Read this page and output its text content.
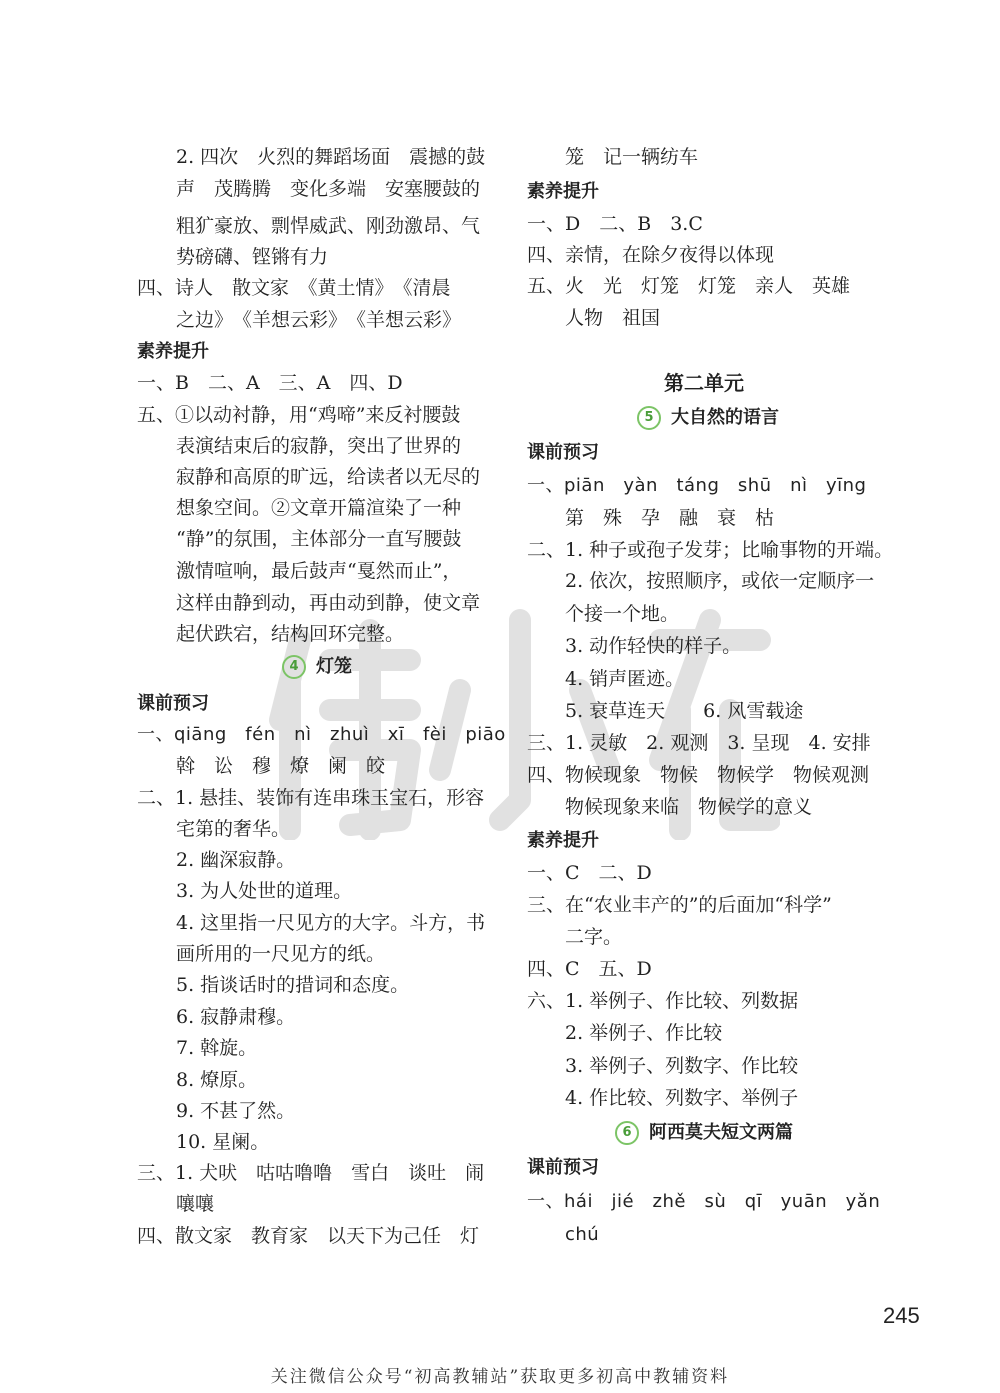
2. 四次　火烈的舞蹈场面　震撼的鼓
声　茂腾腾　变化多端　安塞腰鼓的
粗犷豪放、剽悍威武、刚劲激昂、气
势磅礴、铿锵有力
四、诗人　散文家　《黄土情》　《清晨
之边》　《羊想云彩》　《羊想云彩》
素养提升
一、B　二、A　三、A　四、D
五、①以动衬静，用“鸡啼”来反衬腰鼓
表演结束后的寂静，突出了世界的
寂静和高原的旷远，给读者以无尽的
想象空间。②文章开篇渲染了一种
“静”的氛围，主体部分一直写腰鼓
激情喧响，最后鼓声“戛然而止”，
这样由静到动，再由动到静，使文章
起伏跌宕，结构回环完整。
4 灯笼
课前预习
一、qiāng　fén　nì　zhuì　xī　fèi　piāo
斡　讼　穆　燎　阑　皎
二、1. 悬挂、装饰有连串珠玉宝石，形容
宅第的奢华。
2. 幽深寂静。
3. 为人处世的道理。
4. 这里指一尺见方的大字。斗方，书
画所用的一尺见方的纸。
5. 指谈话时的措词和态度。
6. 寂静肃穆。
7. 斡旋。
8. 燎原。
9. 不甚了然。
10. 星阑。
三、1. 犬吠　咕咕噜噜　雪白　谈吐　闹
嚷嚷
四、散文家　教育家　以天下为己任　灯
笼　记一辆纺车
素养提升
一、D　二、B　3.C
四、亲情，在除夕夜得以体现
五、火　光　灯笼　灯笼　亲人　英雄
人物　祖国
第二单元
5 大自然的语言
课前预习
一、piān　yàn　táng　shū　nì　yīng
第　殊　孕　融　衰　枯
二、1. 种子或孢子发芽；比喻事物的开端。
2. 依次，按照顺序，或依一定顺序一
个接一个地。
3. 动作轻快的样子。
4. 销声匿迹。
5. 衰草连天　　6. 风雪载途
三、1. 灵敏　2. 观测　3. 呈现　4. 安排
四、物候现象　物候　物候学　物候观测
物候现象来临　物候学的意义
素养提升
一、C　二、D
三、在“农业丰产的”的后面加“科学”
二字。
四、C　五、D
六、1. 举例子、作比较、列数据
2. 举例子、作比较
3. 举例子、列数字、作比较
4. 作比较、列数字、举例子
6 阿西莫夫短文两篇
课前预习
一、hái　jié　zhě　sù　qī　yuān　yǎn
chú
245
关注微信公众号“初高教辅站”获取更多初高中教辅资料
